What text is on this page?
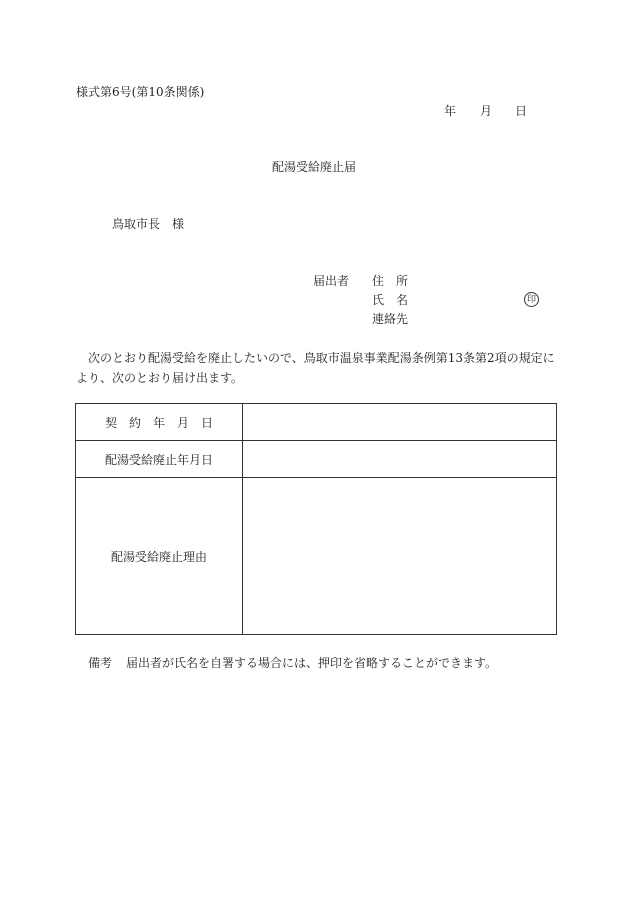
様式第6号(第10条関係)
年 月 日
配湯受給廃止届
鳥取市長　様
届出者 住　所
氏　名	印
連絡先
次のとおり配湯受給を廃止したいので、鳥取市温泉事業配湯条例第13条第2項の規定により、次のとおり届け出ます。
契　約　年　月　日	
配湯受給廃止年月日	
配湯受給廃止理由	
備考 届出者が氏名を自署する場合には、押印を省略することができます。
